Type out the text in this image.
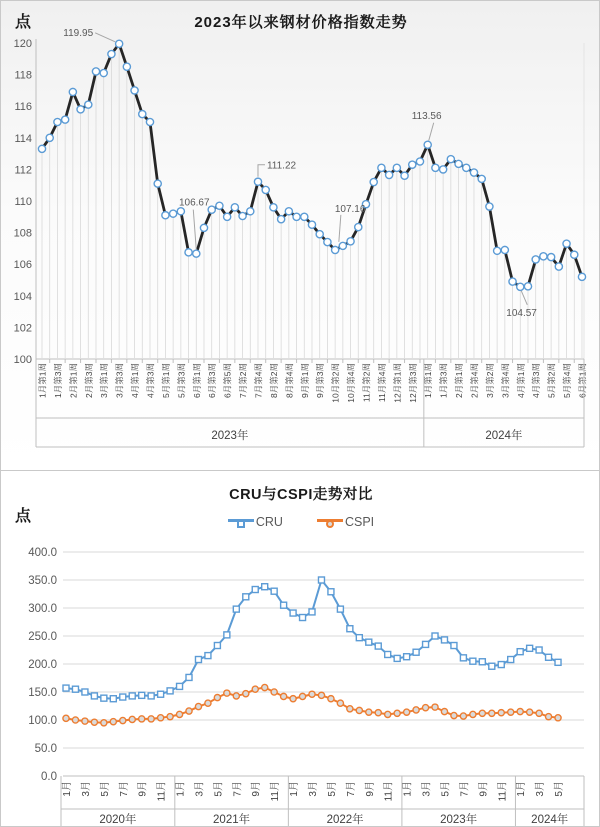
100
102
104
106
108
110
112
114
116
118
120
1月第1周 1月第3周 2月第1周 2月第3周 3月第1周 3月第3周 4月第1周 4月第3周 5月第1周 5月第3周 6月第1周 6月第3周 6月第5周 7月第2周 7月第4周 8月第2周 8月第4周 9月第1周 9月第3周 10月第2周 10月第4周 11月第2周 11月第4周 12月第1周 12月第3周 1月第1周 1月第3周 2月第1周 2月第4周 3月第2周 3月第4周 4月第1周 4月第3周 5月第2周 5月第4周 6月第1周
2023年	2024年
119.95
106.67
111.22
107.16
113.56
104.57
点	2023年以来钢材价格指数走势
0.0
50.0
100.0
150.0
200.0
250.0
300.0
350.0
400.0
1月 3月 5月 7月 9月 11月 1月 3月 5月 7月 9月 11月 1月 3月 5月 7月 9月 11月 1月 3月 5月 7月 9月 11月 1月 3月 5月
2020年	2021年	2022年	2023年	2024年
点
CRU与CSPI走势对比
CRU	CSPI
